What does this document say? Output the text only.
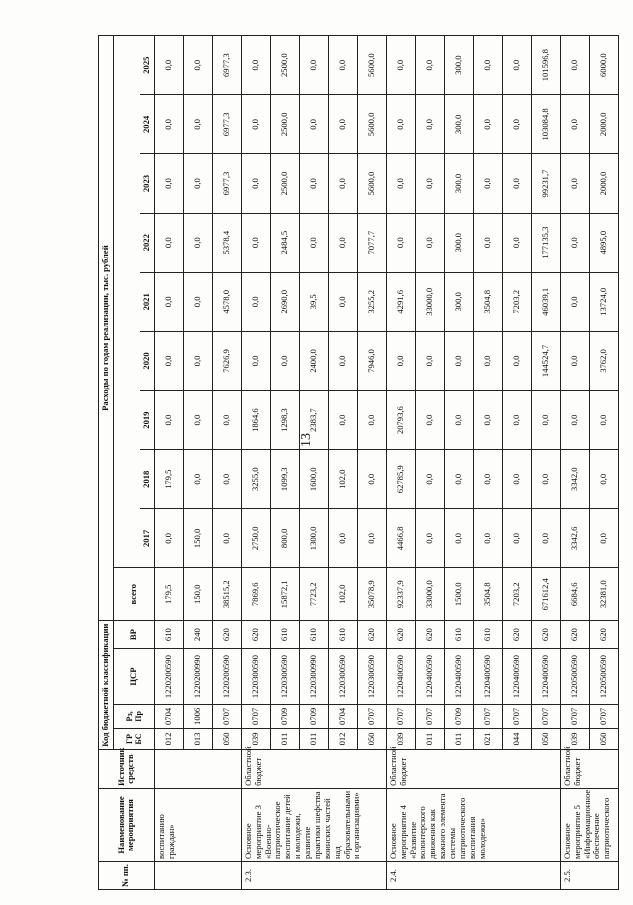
13
№ пп.	Наименование мероприятия	Источник средств	Код бюджетной классификации				Расходы по годам реализации, тыс. рублей									
			ГР БС	Рз, Пр	ЦСР	ВР	всего									
								2017	2018	2019	2020	2021	2022	2023	2024	2025
	воспитанию граждан»		012	0704	1220200590	610	179,5	0,0	179,5	0,0	0,0	0,0	0,0	0,0	0,0	0,0
			013	1006	1220200990	240	150,0	150,0	0,0	0,0	0,0	0,0	0,0	0,0	0,0	0,0
			050	0707	1220200590	620	38515,2	0,0	0,0	0,0	7626,9	4578,0	5378,4	6977,3	6977,3	6977,3
2.3.	Основное мероприятие 3 «Военно-патриотическое воспитание детей и молодежи, развитие практики шефства воинских частей над образовательными и организациями»	Областной бюджет	039	0707	1220300590	620	7869,6	2750,0	3255,0	1864,6	0,0	0,0	0,0	0,0	0,0	0,0
			011	0709	1220300590	610	15872,1	800,0	1099,3	1298,3	0,0	2690,0	2484,5	2500,0	2500,0	2500,0
			011	0709	1220300990	610	7723,2	1300,0	1600,0	2383,7	2400,0	39,5	0,0	0,0	0,0	0,0
			012	0704	1220300590	610	102,0	0,0	102,0	0,0	0,0	0,0	0,0	0,0	0,0	0,0
			050	0707	1220300590	620	35078,9	0,0	0,0	0,0	7946,0	3255,2	7077,7	5600,0	5600,0	5600,0
2.4.	Основное мероприятие 4 «Развитие волонтерского движения как важного элемента системы патриотического воспитания молодежи»	Областной бюджет	039	0707	1220400590	620	92337,9	4466,8	62785,9	20793,6	0,0	4291,6	0,0	0,0	0,0	0,0
			011	0707	1220400590	620	33000,0	0,0	0,0	0,0	0,0	33000,0	0,0	0,0	0,0	0,0
			011	0709	1220400590	610	1500,0	0,0	0,0	0,0	0,0	300,0	300,0	300,0	300,0	300,0
			021	0707	1220400590	610	3504,8	0,0	0,0	0,0	0,0	3504,8	0,0	0,0	0,0	0,0
			044	0707	1220400590	620	7203,2	0,0	0,0	0,0	0,0	7203,2	0,0	0,0	0,0	0,0
			050	0707	1220400590	620	671612,4	0,0	0,0	0,0	144524,7	46039,1	177135,3	99231,7	103084,8	101596,8
2.5.	Основное мероприятие 5 «Информационное обеспечение патриотического	Областной бюджет	039	0707	1220500590	620	6684,6	3342,6	3342,0	0,0	0,0	0,0	0,0	0,0	0,0	0,0
			050	0707	1220500590	620	32381,0	0,0	0,0	0,0	3762,0	13724,0	4895,0	2000,0	2000,0	6000,0
